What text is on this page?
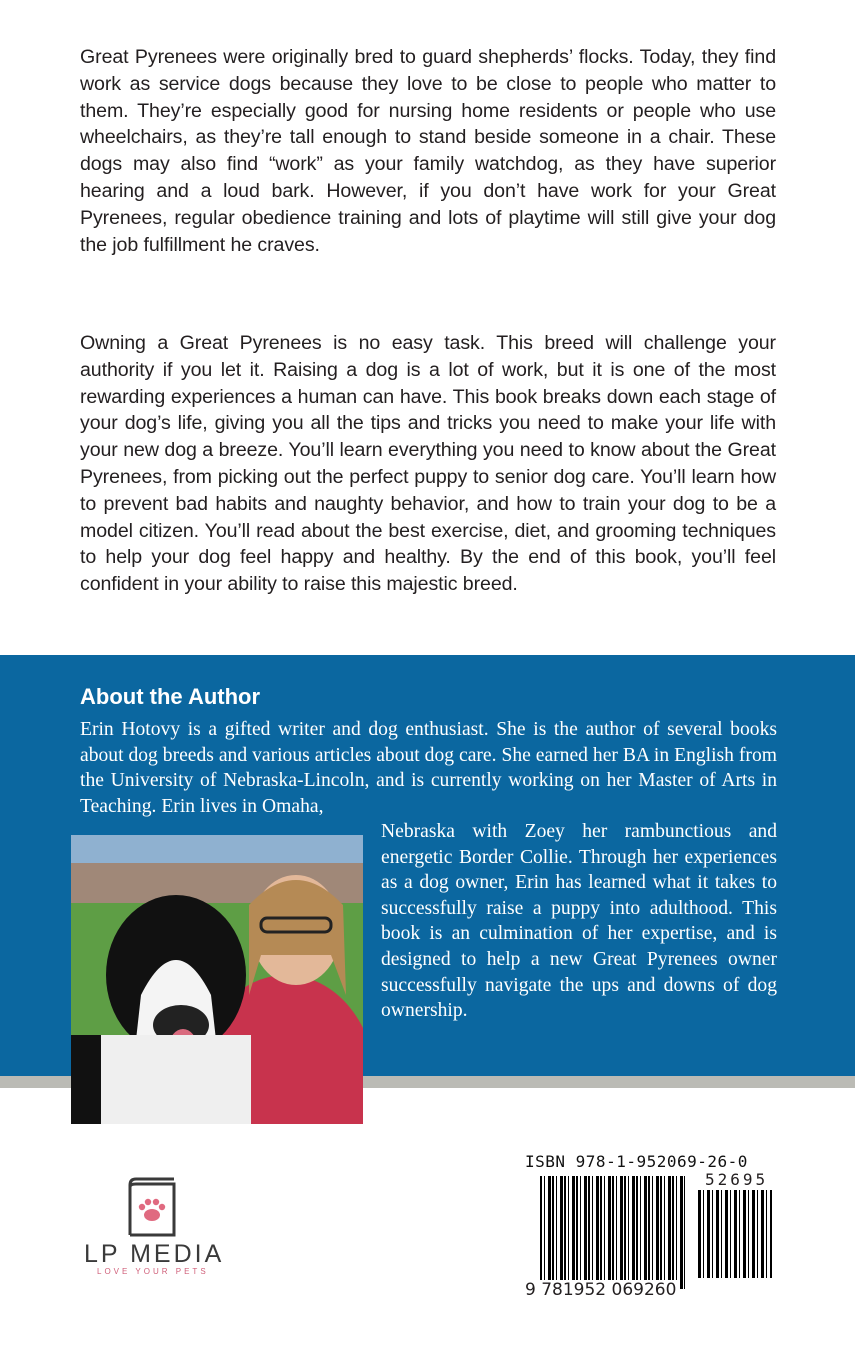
Great Pyrenees were originally bred to guard shepherds’ flocks. Today, they find work as service dogs because they love to be close to people who matter to them. They’re especially good for nursing home residents or people who use wheelchairs, as they’re tall enough to stand beside someone in a chair. These dogs may also find “work” as your family watchdog, as they have superior hearing and a loud bark. However, if you don’t have work for your Great Pyrenees, regular obedience training and lots of playtime will still give your dog the job fulfillment he craves.

Owning a Great Pyrenees is no easy task. This breed will challenge your authority if you let it. Raising a dog is a lot of work, but it is one of the most rewarding experiences a human can have. This book breaks down each stage of your dog’s life, giving you all the tips and tricks you need to make your life with your new dog a breeze. You’ll learn everything you need to know about the Great Pyrenees, from picking out the perfect puppy to senior dog care. You’ll learn how to prevent bad habits and naughty behavior, and how to train your dog to be a model citizen. You’ll read about the best exercise, diet, and grooming techniques to help your dog feel happy and healthy. By the end of this book, you’ll feel confident in your ability to raise this majestic breed.

About the Author

Erin Hotovy is a gifted writer and dog enthusiast. She is the author of several books about dog breeds and various articles about dog care. She earned her BA in English from the University of Nebraska-Lincoln, and is currently working on her Master of Arts in Teaching. Erin lives in Omaha,

Nebraska with Zoey her rambunctious and energetic Border Collie. Through her experiences as a dog owner, Erin has learned what it takes to successfully raise a puppy into adulthood. This book is an culmination of her expertise, and is designed to help a new Great Pyrenees owner successfully navigate the ups and downs of dog ownership.

LP MEDIA
LOVE YOUR PETS
ISBN 978-1-952069-26-0
52695
9 781952 069260
